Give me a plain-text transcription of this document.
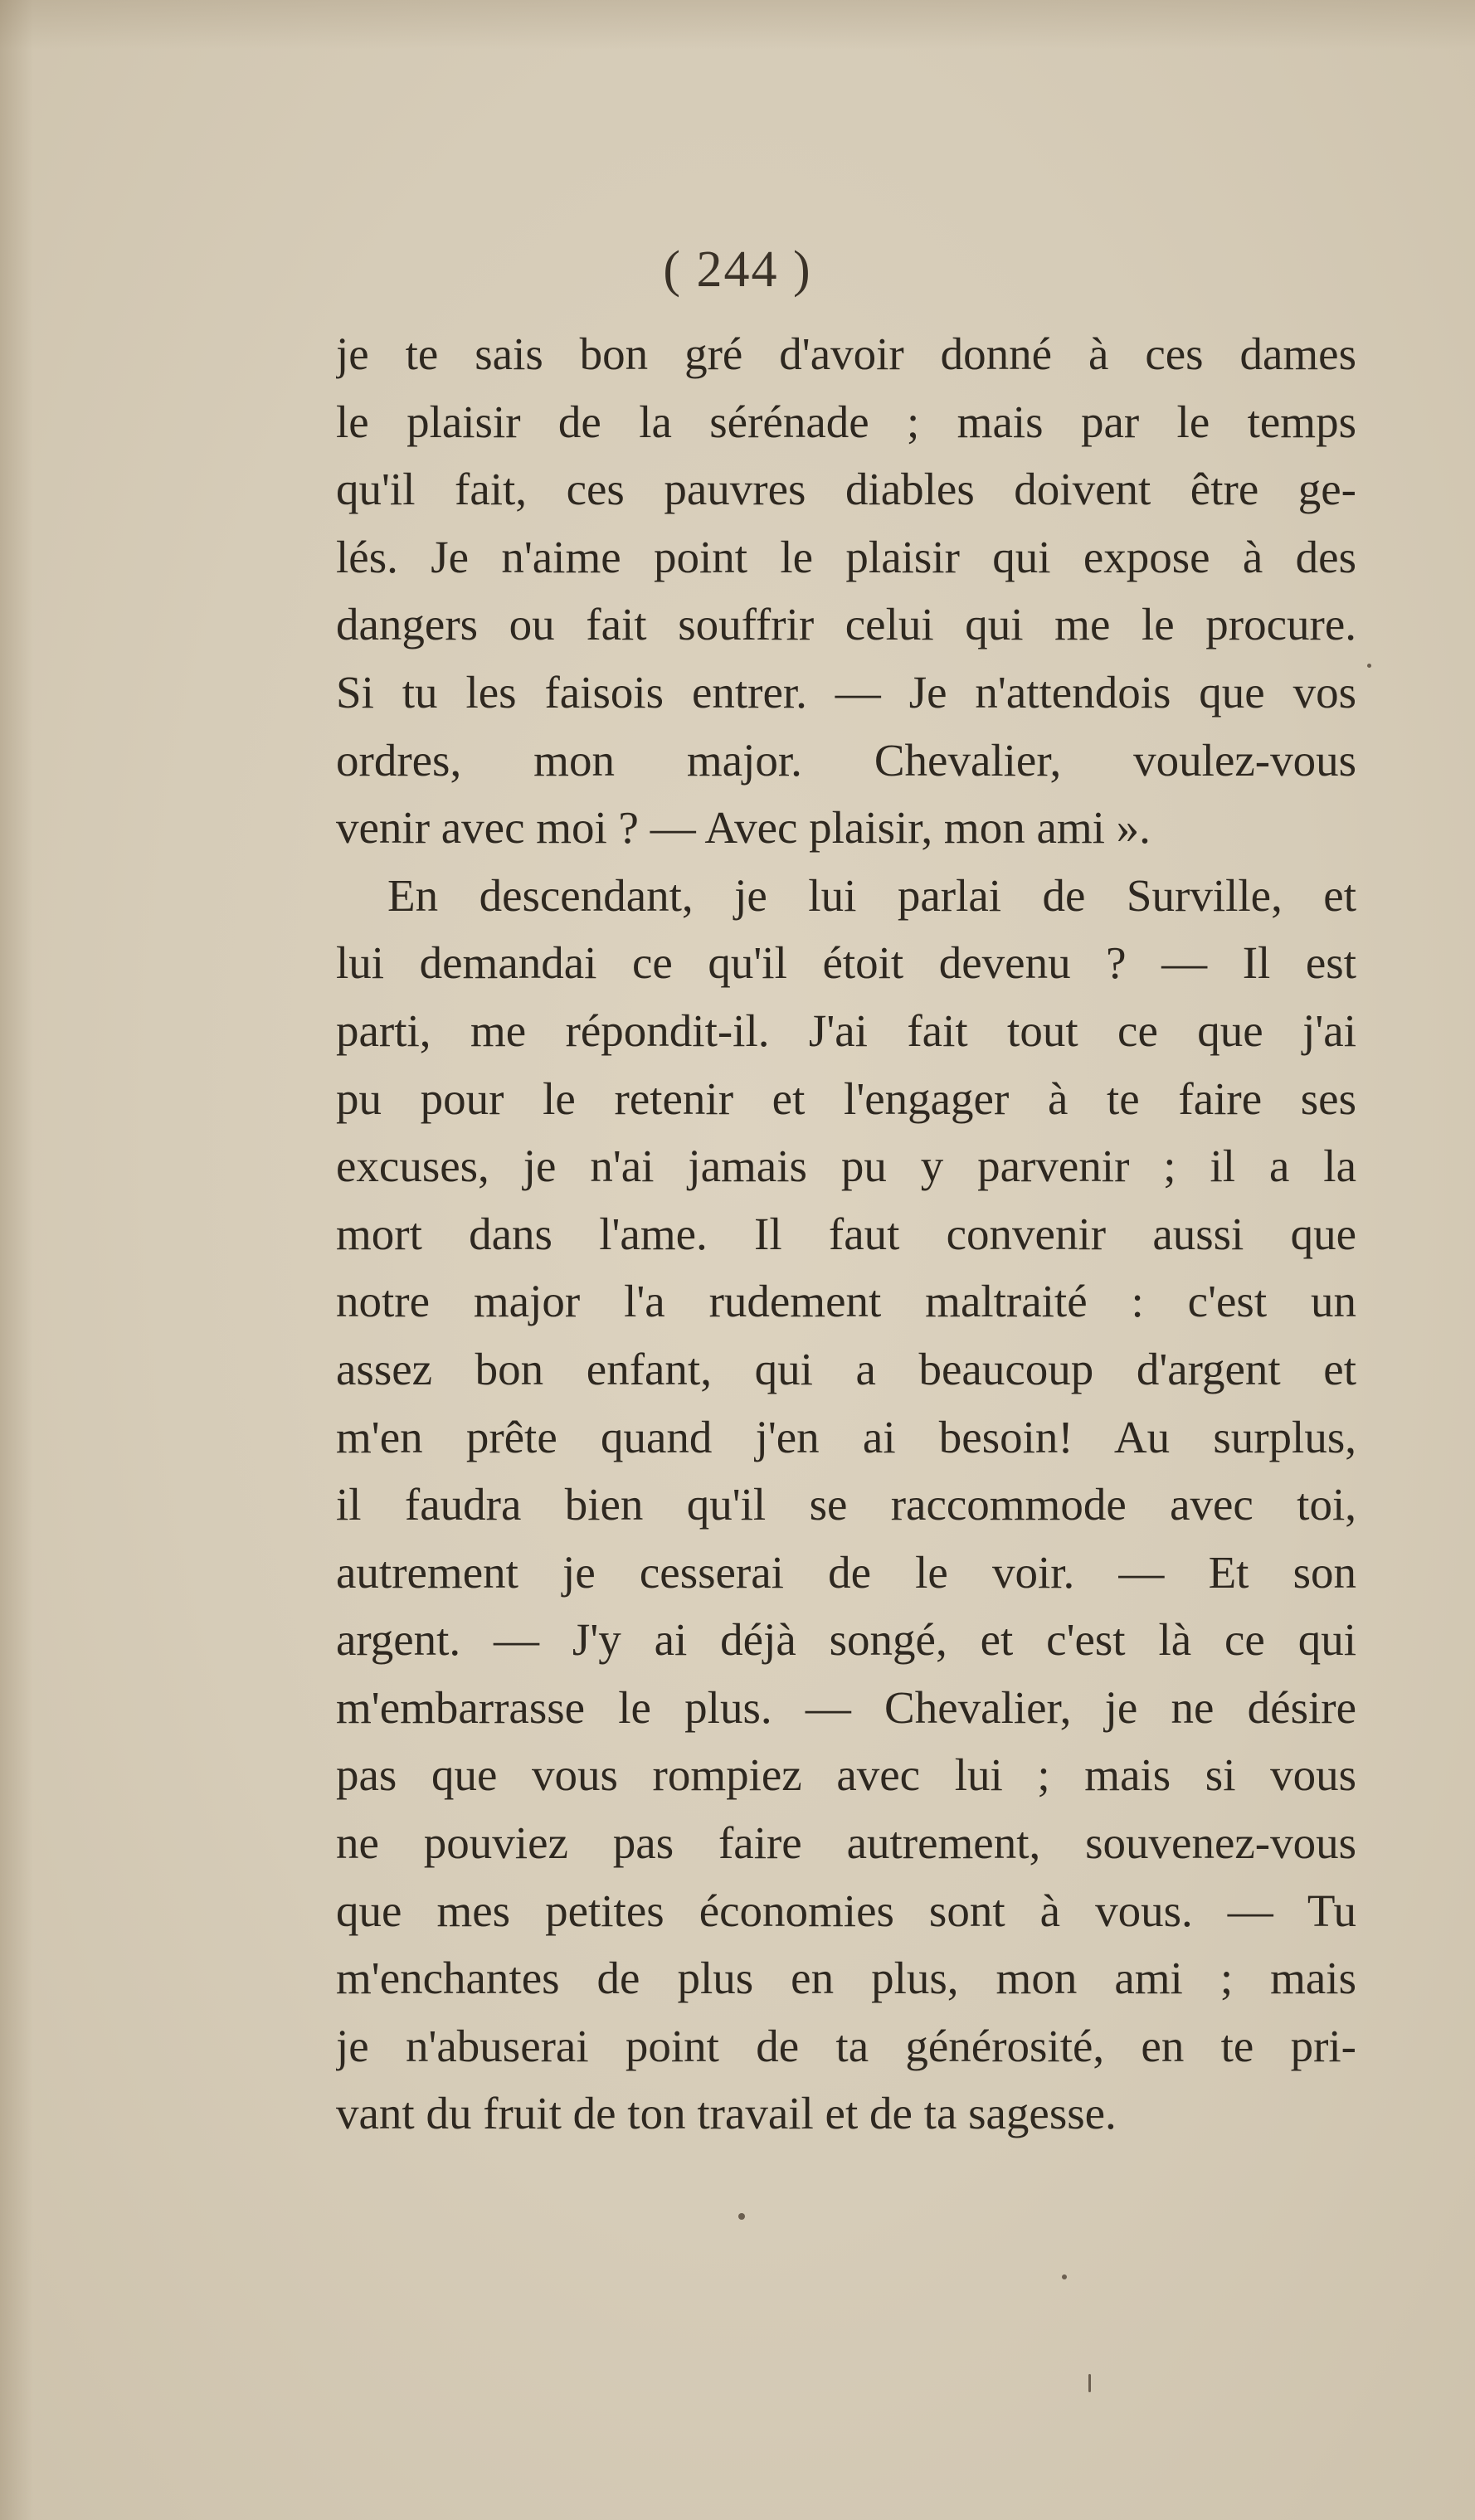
( 244 )
je te sais bon gré d'avoir donné à ces dames
le plaisir de la sérénade ; mais par le temps
qu'il fait, ces pauvres diables doivent être ge-
lés. Je n'aime point le plaisir qui expose à des
dangers ou fait souffrir celui qui me le procure.
Si tu les faisois entrer. — Je n'attendois que vos
ordres, mon major. Chevalier, voulez-vous
venir avec moi ? — Avec plaisir, mon ami ».
En descendant, je lui parlai de Surville, et
lui demandai ce qu'il étoit devenu ? — Il est
parti, me répondit-il. J'ai fait tout ce que j'ai
pu pour le retenir et l'engager à te faire ses
excuses, je n'ai jamais pu y parvenir ; il a la
mort dans l'ame. Il faut convenir aussi que
notre major l'a rudement maltraité : c'est un
assez bon enfant, qui a beaucoup d'argent et
m'en prête quand j'en ai besoin! Au surplus,
il faudra bien qu'il se raccommode avec toi,
autrement je cesserai de le voir. — Et son
argent. — J'y ai déjà songé, et c'est là ce qui
m'embarrasse le plus. — Chevalier, je ne désire
pas que vous rompiez avec lui ; mais si vous
ne pouviez pas faire autrement, souvenez-vous
que mes petites économies sont à vous. — Tu
m'enchantes de plus en plus, mon ami ; mais
je n'abuserai point de ta générosité, en te pri-
vant du fruit de ton travail et de ta sagesse.
